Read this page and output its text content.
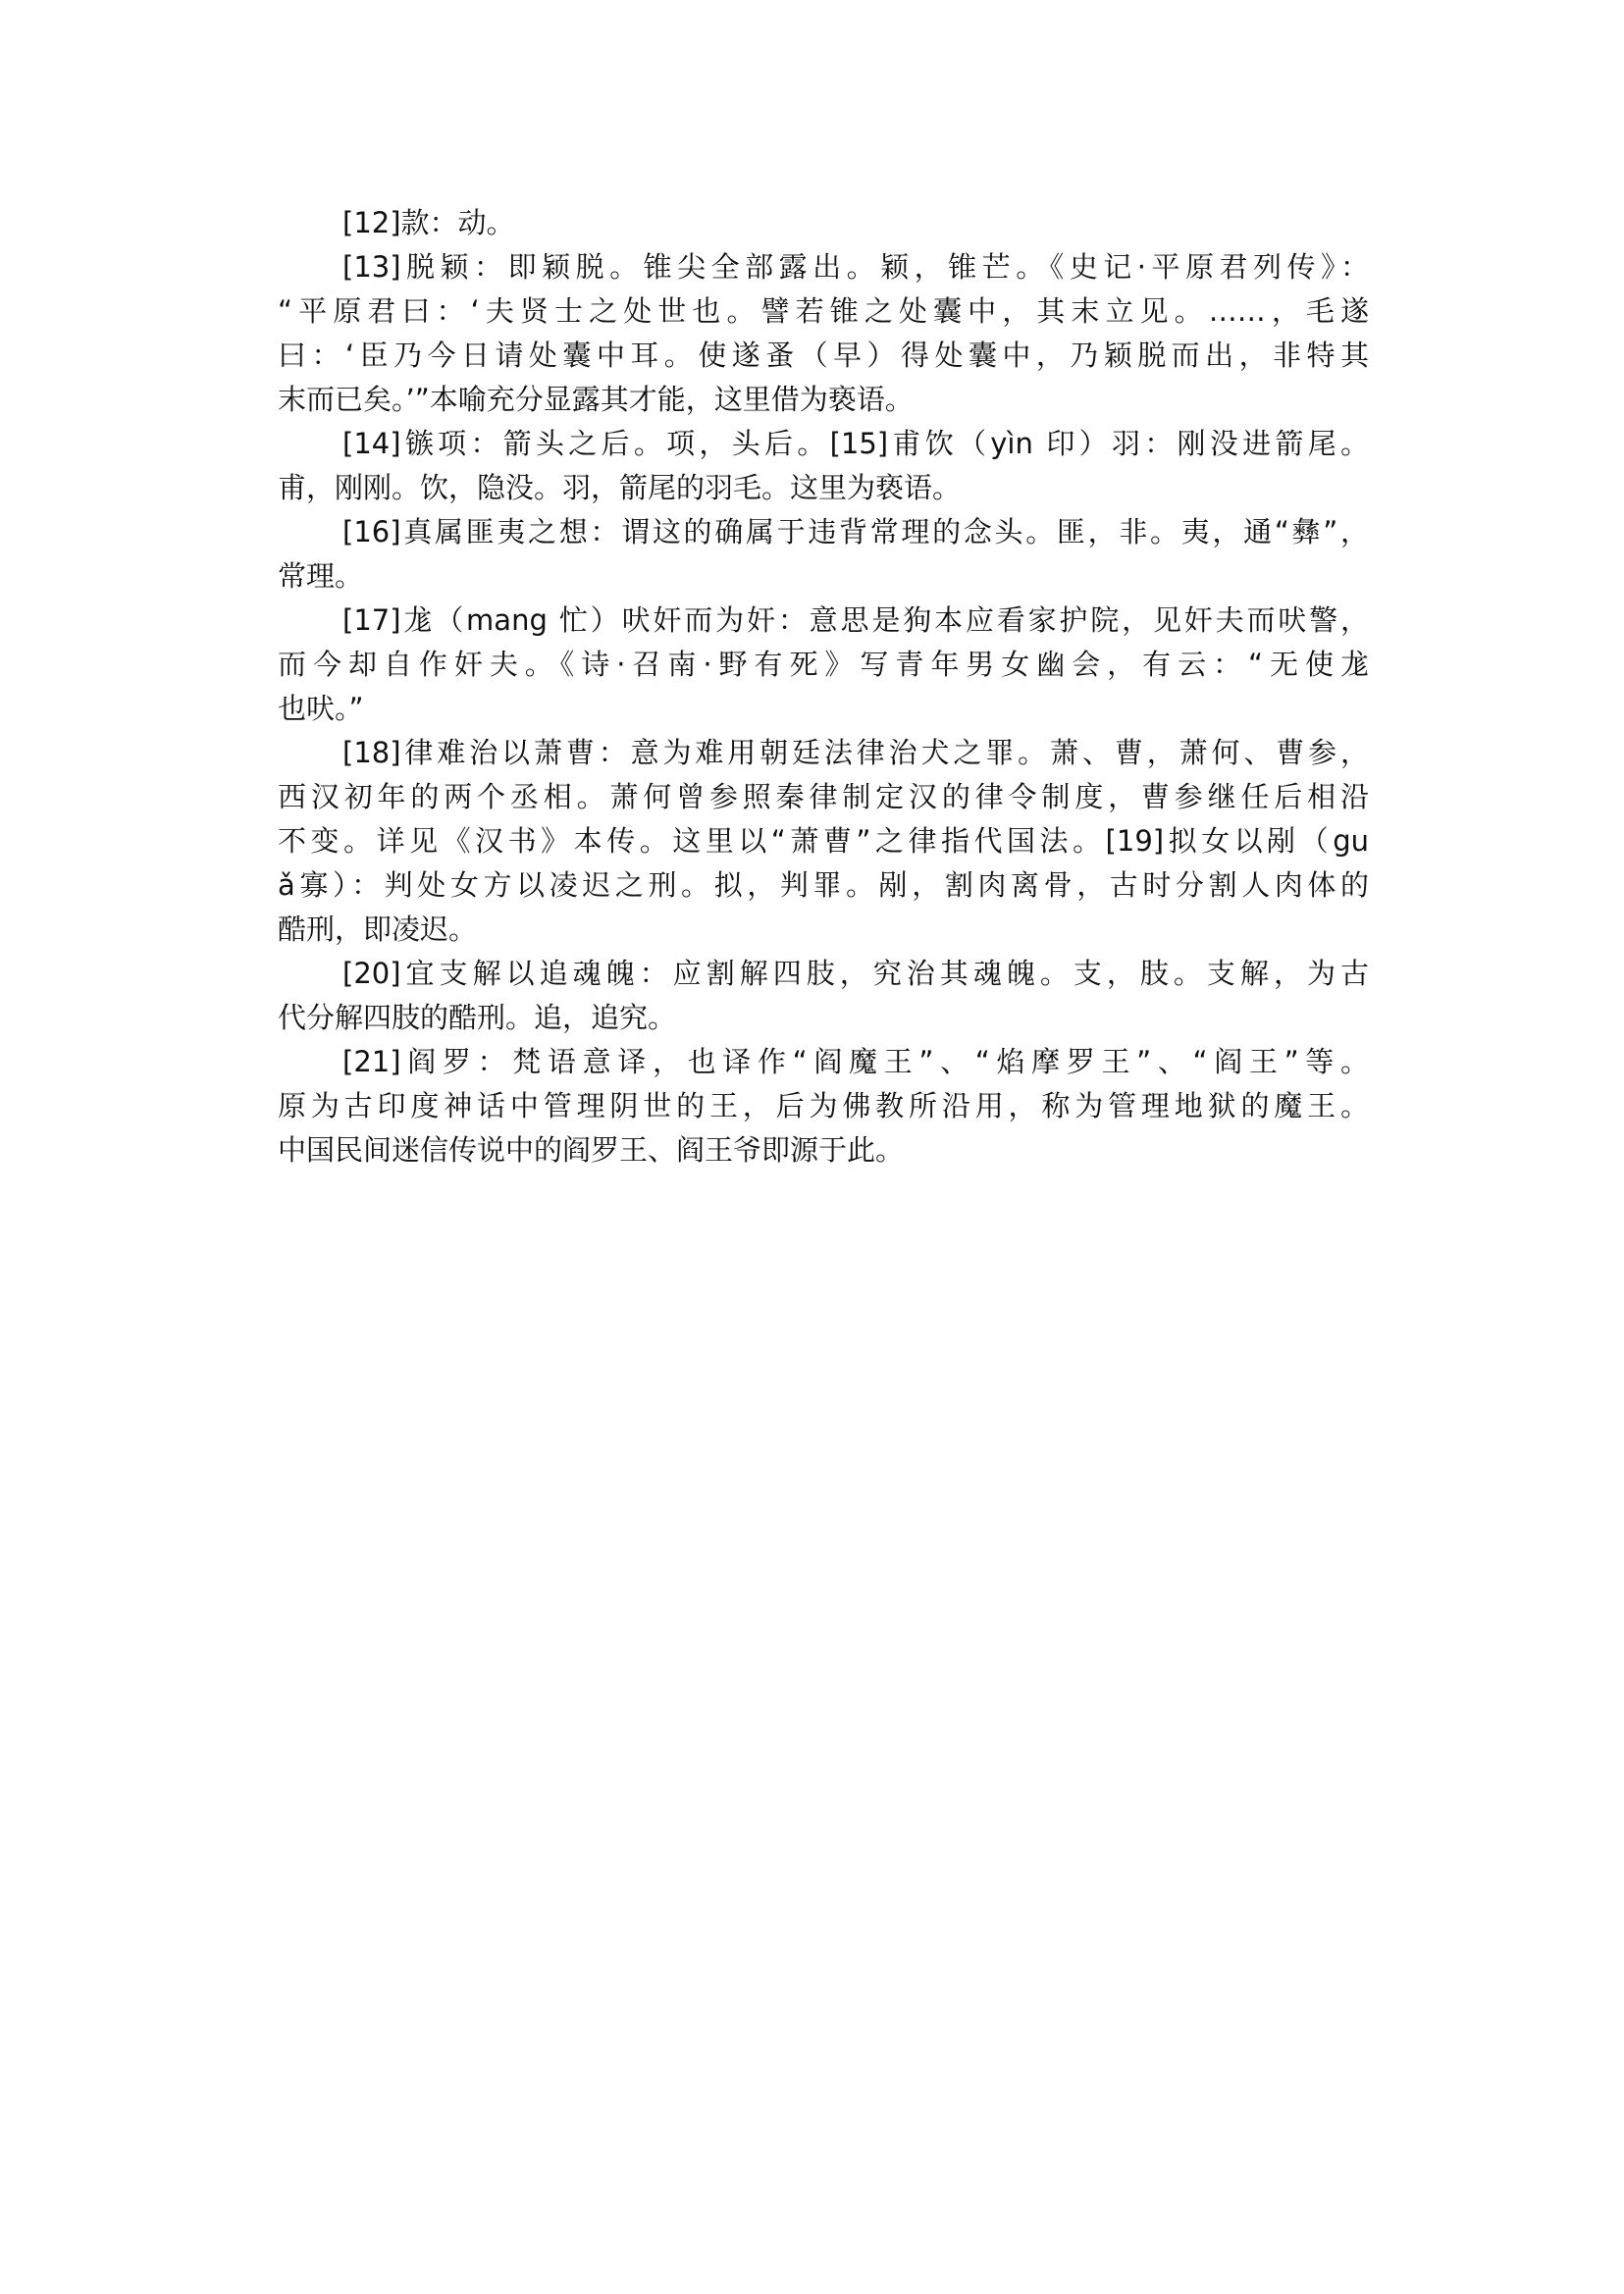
[12]款：动。
[13]脱颖：即颖脱。锥尖全部露出。颖，锥芒。《史记·平原君列传》：
“平原君曰：‘夫贤士之处世也。譬若锥之处囊中，其末立见。……，毛遂
曰：‘臣乃今日请处囊中耳。使遂蚤（早）得处囊中，乃颖脱而出，非特其
末而已矣。’”本喻充分显露其才能，这里借为亵语。
[14]镞项：箭头之后。项，头后。[15]甫饮（yìn 印）羽：刚没进箭尾。
甫，刚刚。饮，隐没。羽，箭尾的羽毛。这里为亵语。
[16]真属匪夷之想：谓这的确属于违背常理的念头。匪，非。夷，通“彝”，
常理。
[17]尨（mang 忙）吠奸而为奸：意思是狗本应看家护院，见奸夫而吠警，
而今却自作奸夫。《诗·召南·野有死》写青年男女幽会，有云：“无使尨
也吠。”
[18]律难治以萧曹：意为难用朝廷法律治犬之罪。萧、曹，萧何、曹参，
西汉初年的两个丞相。萧何曾参照秦律制定汉的律令制度，曹参继任后相沿
不变。详见《汉书》本传。这里以“萧曹”之律指代国法。[19]拟女以剐（gu
ǎ寡）：判处女方以凌迟之刑。拟，判罪。剐，割肉离骨，古时分割人肉体的
酷刑，即凌迟。
[20]宜支解以追魂魄：应割解四肢，究治其魂魄。支，肢。支解，为古
代分解四肢的酷刑。追，追究。
[21]阎罗：梵语意译，也译作“阎魔王”、“焰摩罗王”、“阎王”等。
原为古印度神话中管理阴世的王，后为佛教所沿用，称为管理地狱的魔王。
中国民间迷信传说中的阎罗王、阎王爷即源于此。
